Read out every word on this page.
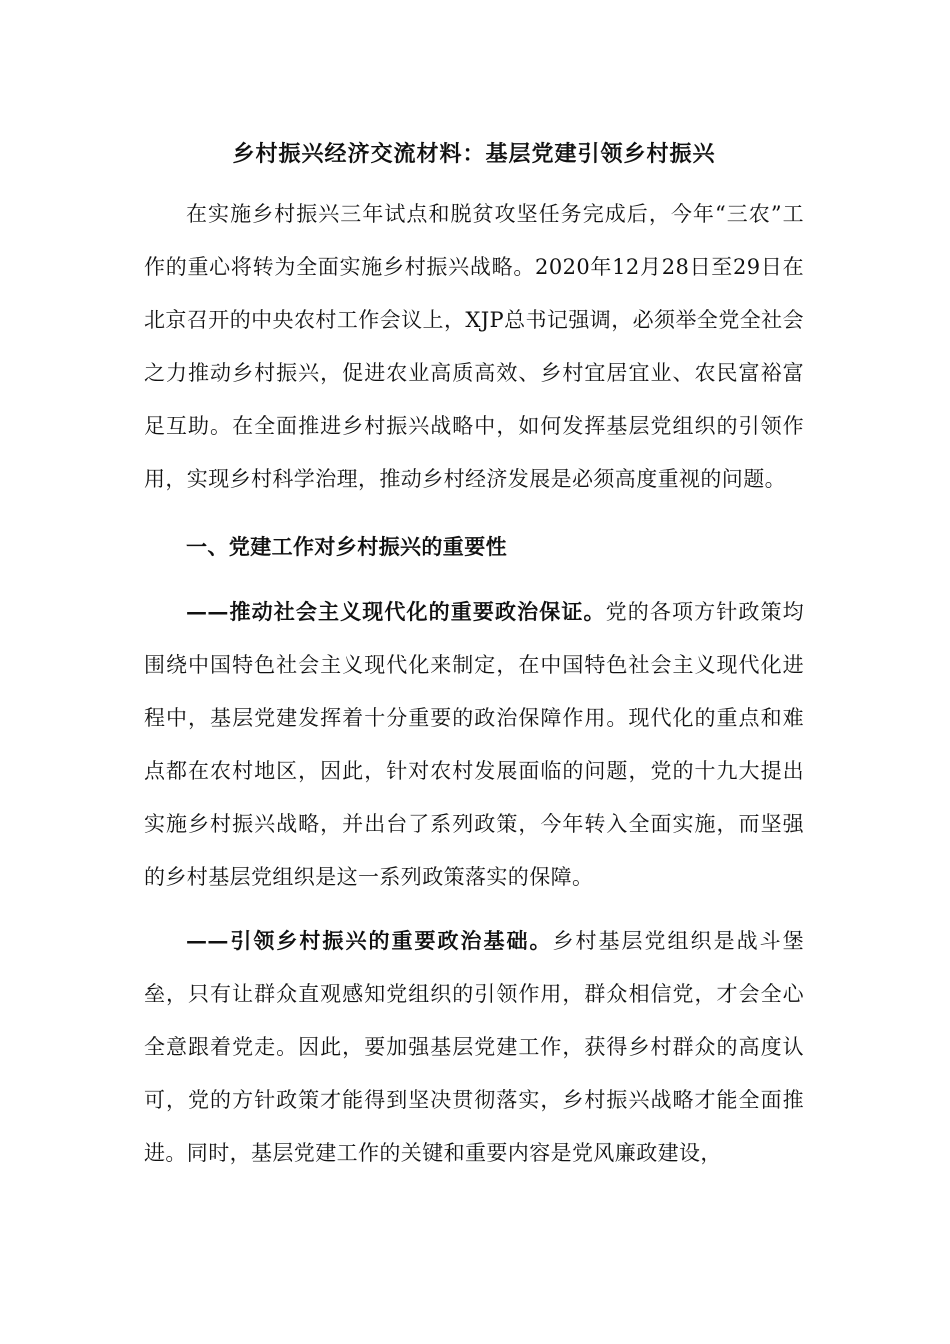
乡村振兴经济交流材料：基层党建引领乡村振兴

在实施乡村振兴三年试点和脱贫攻坚任务完成后，今年“三农”工作的重心将转为全面实施乡村振兴战略。2020年12月28日至29日在北京召开的中央农村工作会议上，XJP总书记强调，必须举全党全社会之力推动乡村振兴，促进农业高质高效、乡村宜居宜业、农民富裕富足互助。在全面推进乡村振兴战略中，如何发挥基层党组织的引领作用，实现乡村科学治理，推动乡村经济发展是必须高度重视的问题。

一、党建工作对乡村振兴的重要性

——推动社会主义现代化的重要政治保证。党的各项方针政策均围绕中国特色社会主义现代化来制定，在中国特色社会主义现代化进程中，基层党建发挥着十分重要的政治保障作用。现代化的重点和难点都在农村地区，因此，针对农村发展面临的问题，党的十九大提出实施乡村振兴战略，并出台了系列政策，今年转入全面实施，而坚强的乡村基层党组织是这一系列政策落实的保障。

——引领乡村振兴的重要政治基础。乡村基层党组织是战斗堡垒，只有让群众直观感知党组织的引领作用，群众相信党，才会全心全意跟着党走。因此，要加强基层党建工作，获得乡村群众的高度认可，党的方针政策才能得到坚决贯彻落实，乡村振兴战略才能全面推进。同时，基层党建工作的关键和重要内容是党风廉政建设，
